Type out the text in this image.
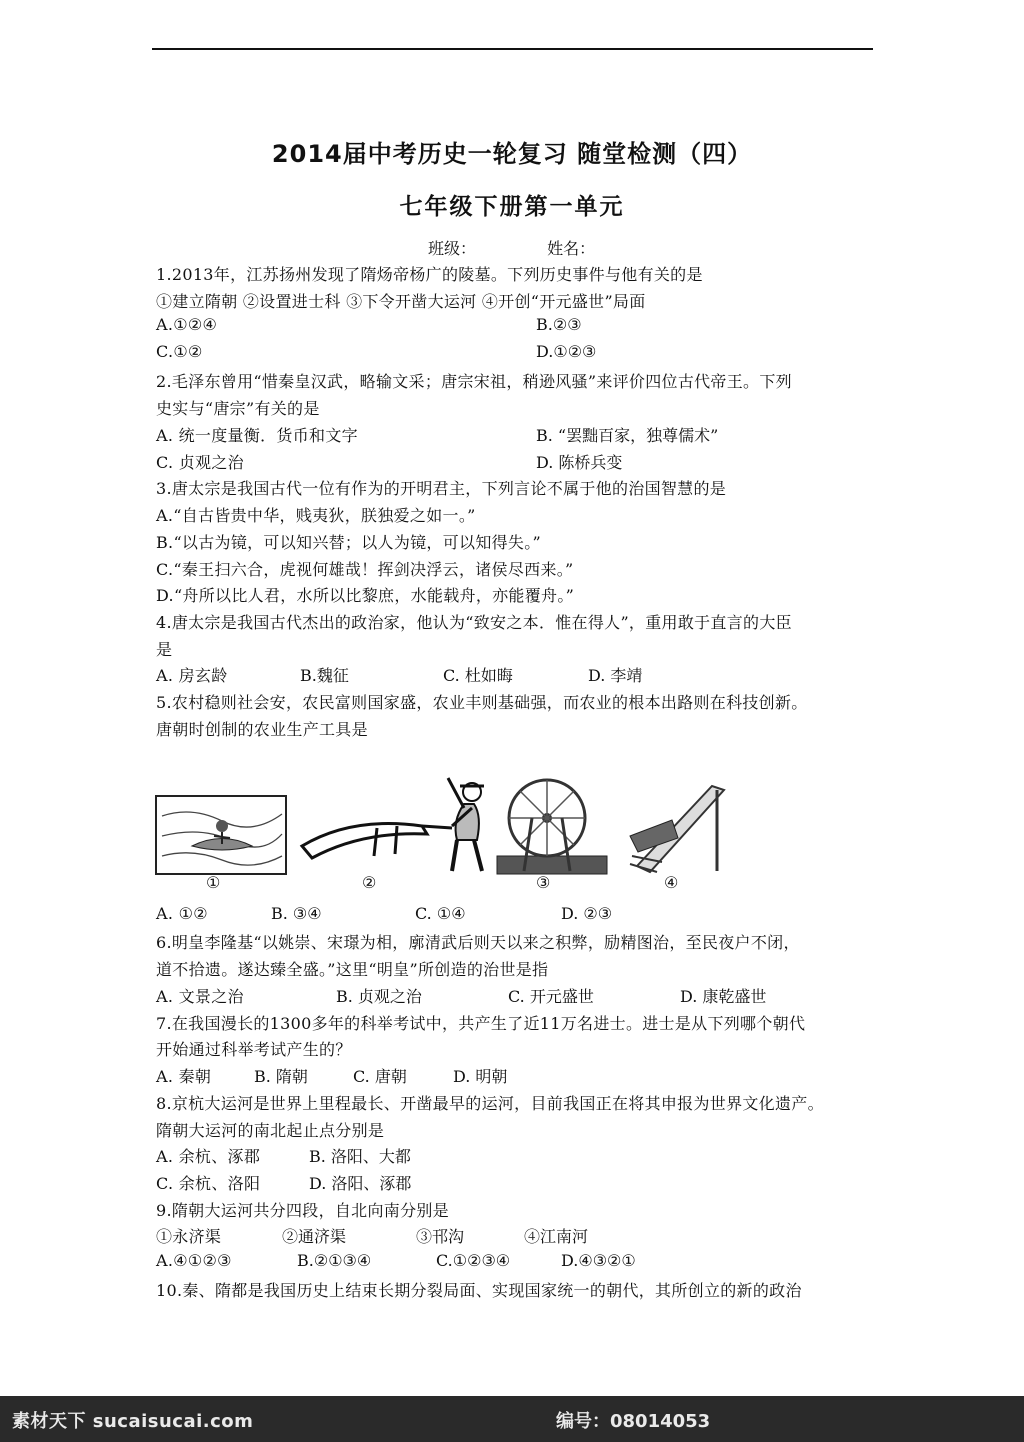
2014届中考历史一轮复习 随堂检测（四）
七年级下册第一单元
班级：	姓名：
1.2013年，江苏扬州发现了隋炀帝杨广的陵墓。下列历史事件与他有关的是
①建立隋朝 ②设置进士科 ③下令开凿大运河 ④开创“开元盛世”局面
A.①②④	B.②③
C.①②	D.①②③
2.毛泽东曾用“惜秦皇汉武，略输文采；唐宗宋祖，稍逊风骚”来评价四位古代帝王。下列
史实与“唐宗”有关的是
A. 统一度量衡．货币和文字	B. “罢黜百家，独尊儒术”
C. 贞观之治	D. 陈桥兵变
3.唐太宗是我国古代一位有作为的开明君主，下列言论不属于他的治国智慧的是
A.“自古皆贵中华，贱夷狄，朕独爱之如一。”
B.“以古为镜，可以知兴替；以人为镜，可以知得失。”
C.“秦王扫六合，虎视何雄哉！挥剑决浮云，诸侯尽西来。”
D.“舟所以比人君，水所以比黎庶，水能载舟，亦能覆舟。”
4.唐太宗是我国古代杰出的政治家，他认为“致安之本．惟在得人”，重用敢于直言的大臣
是
A. 房玄龄	B.魏征	C. 杜如晦	D. 李靖
5.农村稳则社会安，农民富则国家盛，农业丰则基础强，而农业的根本出路则在科技创新。
唐朝时创制的农业生产工具是
①	②	③	④
A. ①②	B. ③④	C. ①④	D. ②③
6.明皇李隆基“以姚崇、宋璟为相，廓清武后则天以来之积弊，励精图治，至民夜户不闭，
道不拾遗。遂达臻全盛。”这里“明皇”所创造的治世是指
A. 文景之治	B. 贞观之治	C. 开元盛世	D. 康乾盛世
7.在我国漫长的1300多年的科举考试中，共产生了近11万名进士。进士是从下列哪个朝代
开始通过科举考试产生的？
A. 秦朝	B. 隋朝	C. 唐朝	D. 明朝
8.京杭大运河是世界上里程最长、开凿最早的运河，目前我国正在将其申报为世界文化遗产。
隋朝大运河的南北起止点分别是
A. 余杭、涿郡	B. 洛阳、大都
C. 余杭、洛阳	D. 洛阳、涿郡
9.隋朝大运河共分四段，自北向南分别是
①永济渠	②通济渠	③邗沟	④江南河
A.④①②③	B.②①③④	C.①②③④	D.④③②①
10.秦、隋都是我国历史上结束长期分裂局面、实现国家统一的朝代，其所创立的新的政治
素材天下 sucaisucai.com	编号：08014053
